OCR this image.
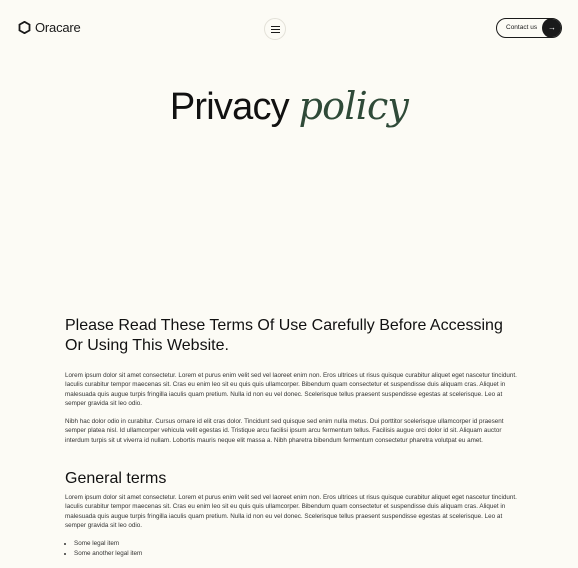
Oracare	Contact us →
Privacy policy
Please Read These Terms Of Use Carefully Before Accessing Or Using This Website.

Lorem ipsum dolor sit amet consectetur. Lorem et purus enim velit sed vel laoreet enim non. Eros ultrices ut risus quisque curabitur aliquet eget nascetur tincidunt. Iaculis curabitur tempor maecenas sit. Cras eu enim leo sit eu quis quis ullamcorper. Bibendum quam consectetur et suspendisse duis aliquam cras. Aliquet in malesuada quis augue turpis fringilla iaculis quam pretium. Nulla id non eu vel donec. Scelerisque tellus praesent suspendisse egestas at scelerisque. Leo at semper gravida sit leo odio.

Nibh hac dolor odio in curabitur. Cursus ornare id elit cras dolor. Tincidunt sed quisque sed enim nulla metus. Dui porttitor scelerisque ullamcorper id praesent semper platea nisl. Id ullamcorper vehicula velit egestas id. Tristique arcu facilisi ipsum arcu fermentum tellus. Facilisis augue orci dolor id sit. Aliquam auctor interdum turpis sit ut viverra id nullam. Lobortis mauris neque elit massa a. Nibh pharetra bibendum fermentum consectetur pharetra volutpat eu amet.

General terms

Lorem ipsum dolor sit amet consectetur. Lorem et purus enim velit sed vel laoreet enim non. Eros ultrices ut risus quisque curabitur aliquet eget nascetur tincidunt. Iaculis curabitur tempor maecenas sit. Cras eu enim leo sit eu quis quis ullamcorper. Bibendum quam consectetur et suspendisse duis aliquam cras. Aliquet in malesuada quis augue turpis fringilla iaculis quam pretium. Nulla id non eu vel donec. Scelerisque tellus praesent suspendisse egestas at scelerisque. Leo at semper gravida sit leo odio.

• Some legal item
• Some another legal item
